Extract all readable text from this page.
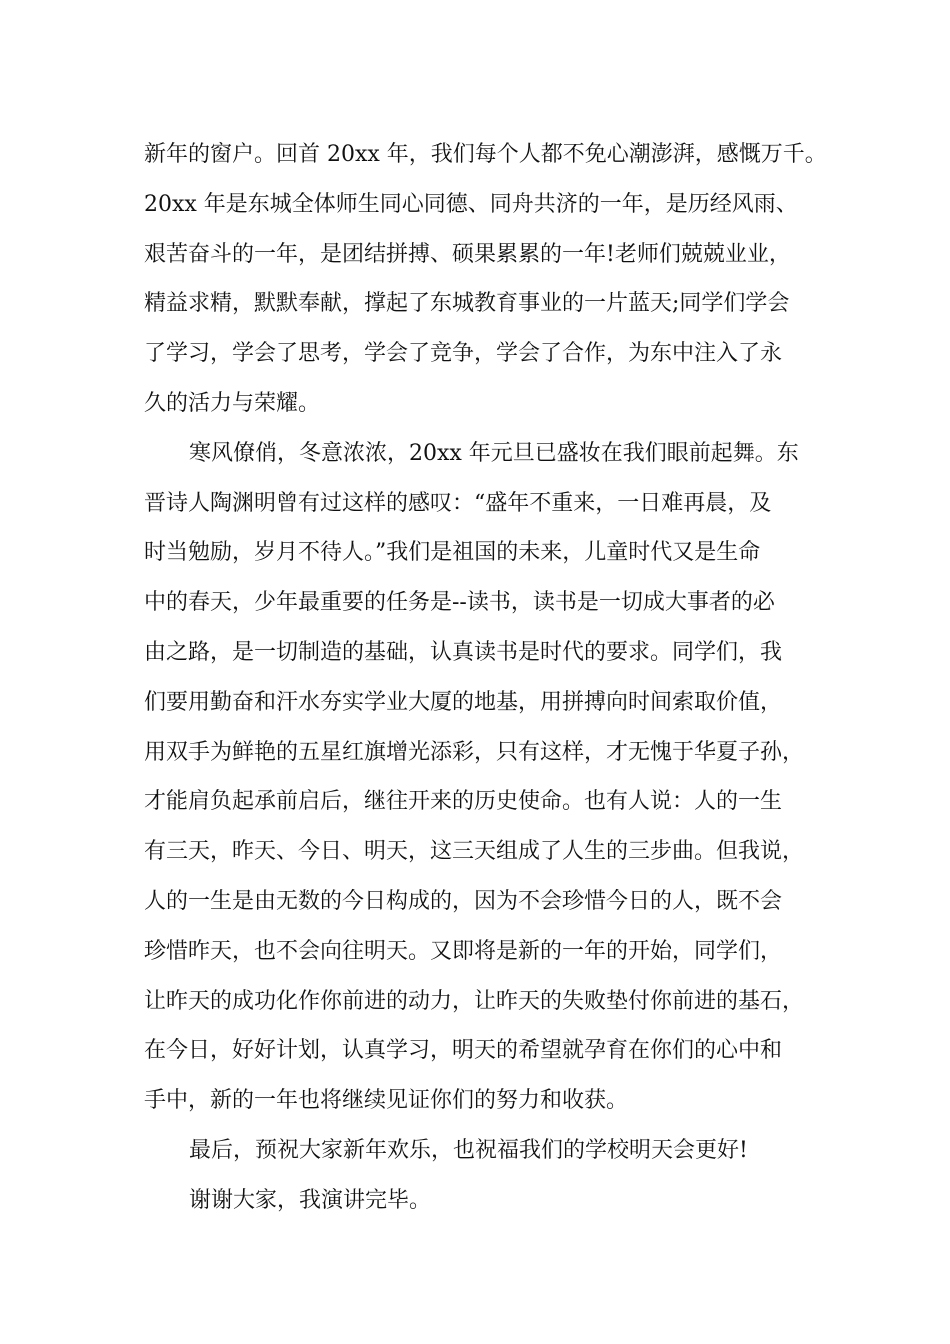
新年的窗户。回首 20xx 年，我们每个人都不免心潮澎湃，感慨万千。
20xx 年是东城全体师生同心同德、同舟共济的一年，是历经风雨、
艰苦奋斗的一年，是团结拼搏、硕果累累的一年!老师们兢兢业业，
精益求精，默默奉献，撑起了东城教育事业的一片蓝天;同学们学会
了学习，学会了思考，学会了竞争，学会了合作，为东中注入了永
久的活力与荣耀。
寒风僚俏，冬意浓浓，20xx 年元旦已盛妆在我们眼前起舞。东
晋诗人陶渊明曾有过这样的感叹：“盛年不重来，一日难再晨，及
时当勉励，岁月不待人。”我们是祖国的未来，儿童时代又是生命
中的春天，少年最重要的任务是--读书，读书是一切成大事者的必
由之路，是一切制造的基础，认真读书是时代的要求。同学们，我
们要用勤奋和汗水夯实学业大厦的地基，用拼搏向时间索取价值，
用双手为鲜艳的五星红旗增光添彩，只有这样，才无愧于华夏子孙，
才能肩负起承前启后，继往开来的历史使命。也有人说：人的一生
有三天，昨天、今日、明天，这三天组成了人生的三步曲。但我说，
人的一生是由无数的今日构成的，因为不会珍惜今日的人，既不会
珍惜昨天，也不会向往明天。又即将是新的一年的开始，同学们，
让昨天的成功化作你前进的动力，让昨天的失败垫付你前进的基石，
在今日，好好计划，认真学习，明天的希望就孕育在你们的心中和
手中，新的一年也将继续见证你们的努力和收获。
最后，预祝大家新年欢乐，也祝福我们的学校明天会更好!
谢谢大家，我演讲完毕。
